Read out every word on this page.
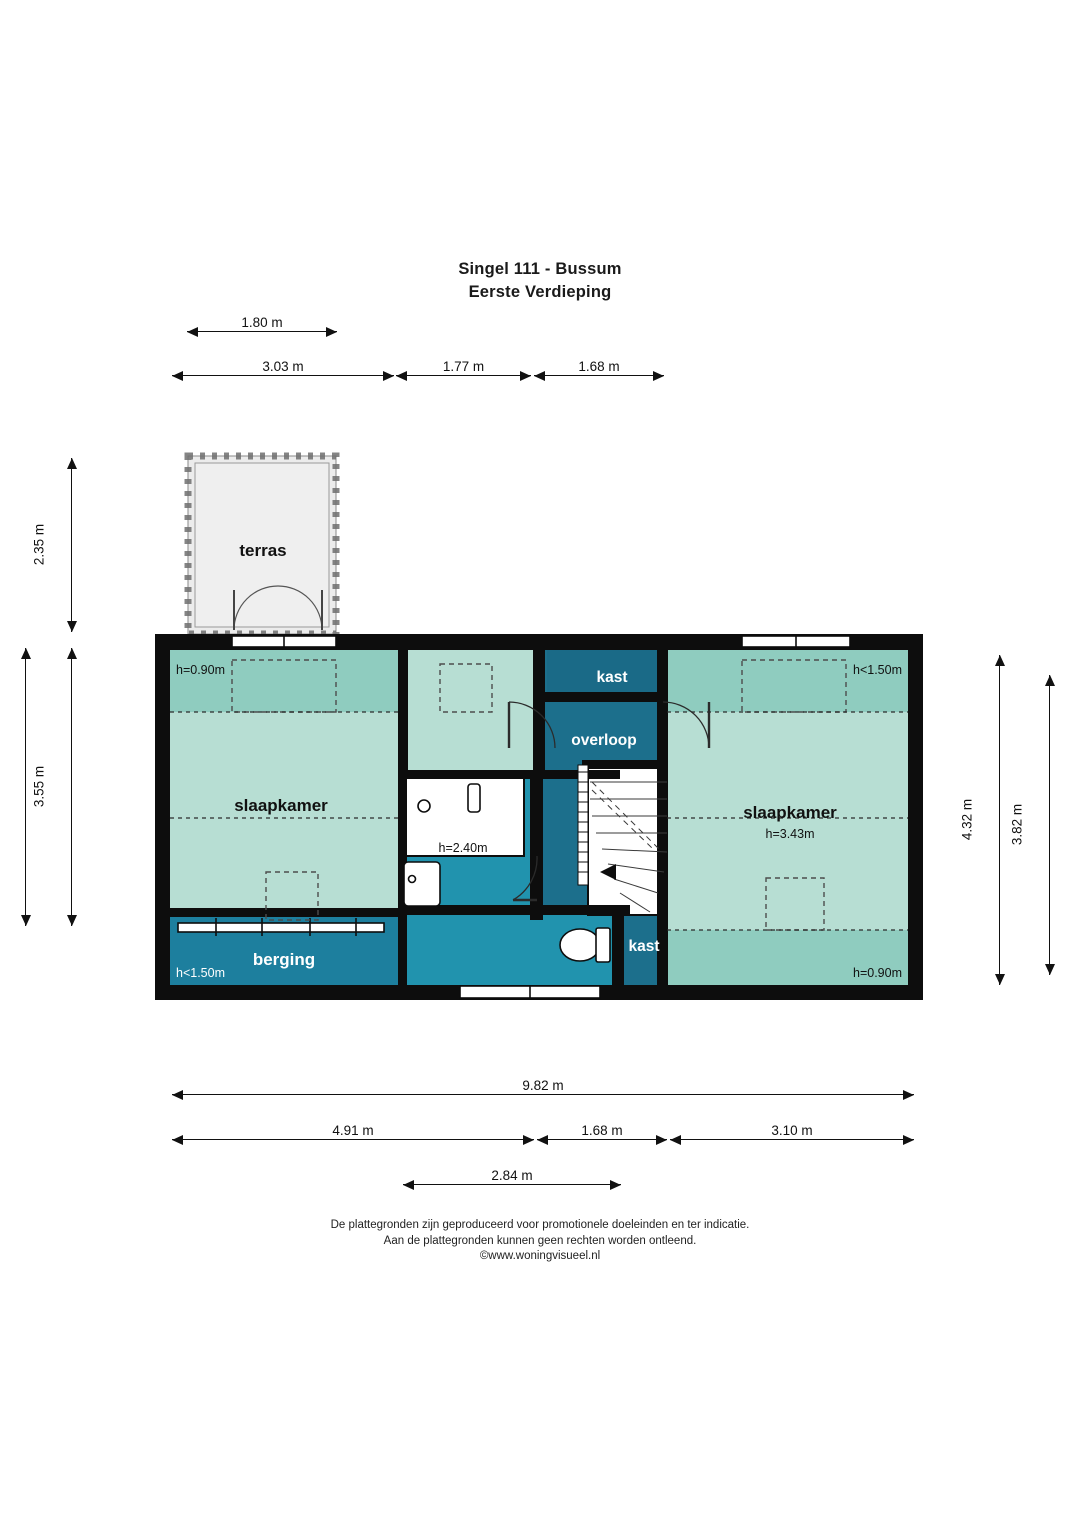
Singel 111 - Bussum
Eerste Verdieping
1.80 m
3.03 m	1.77 m	1.68 m
2.35 m
3.55 m
4.32 m	3.82 m
9.82 m
4.91 m	1.68 m	3.10 m
2.84 m
terras
slaapkamer	slaapkamer
h=3.43m
berging
overloop
kast
kast
h=0.90m	h<1.50m
h=2.40m
h<1.50m	h=0.90m
De plattegronden zijn geproduceerd voor promotionele doeleinden en ter indicatie.
Aan de plattegronden kunnen geen rechten worden ontleend.
©www.woningvisueel.nl
